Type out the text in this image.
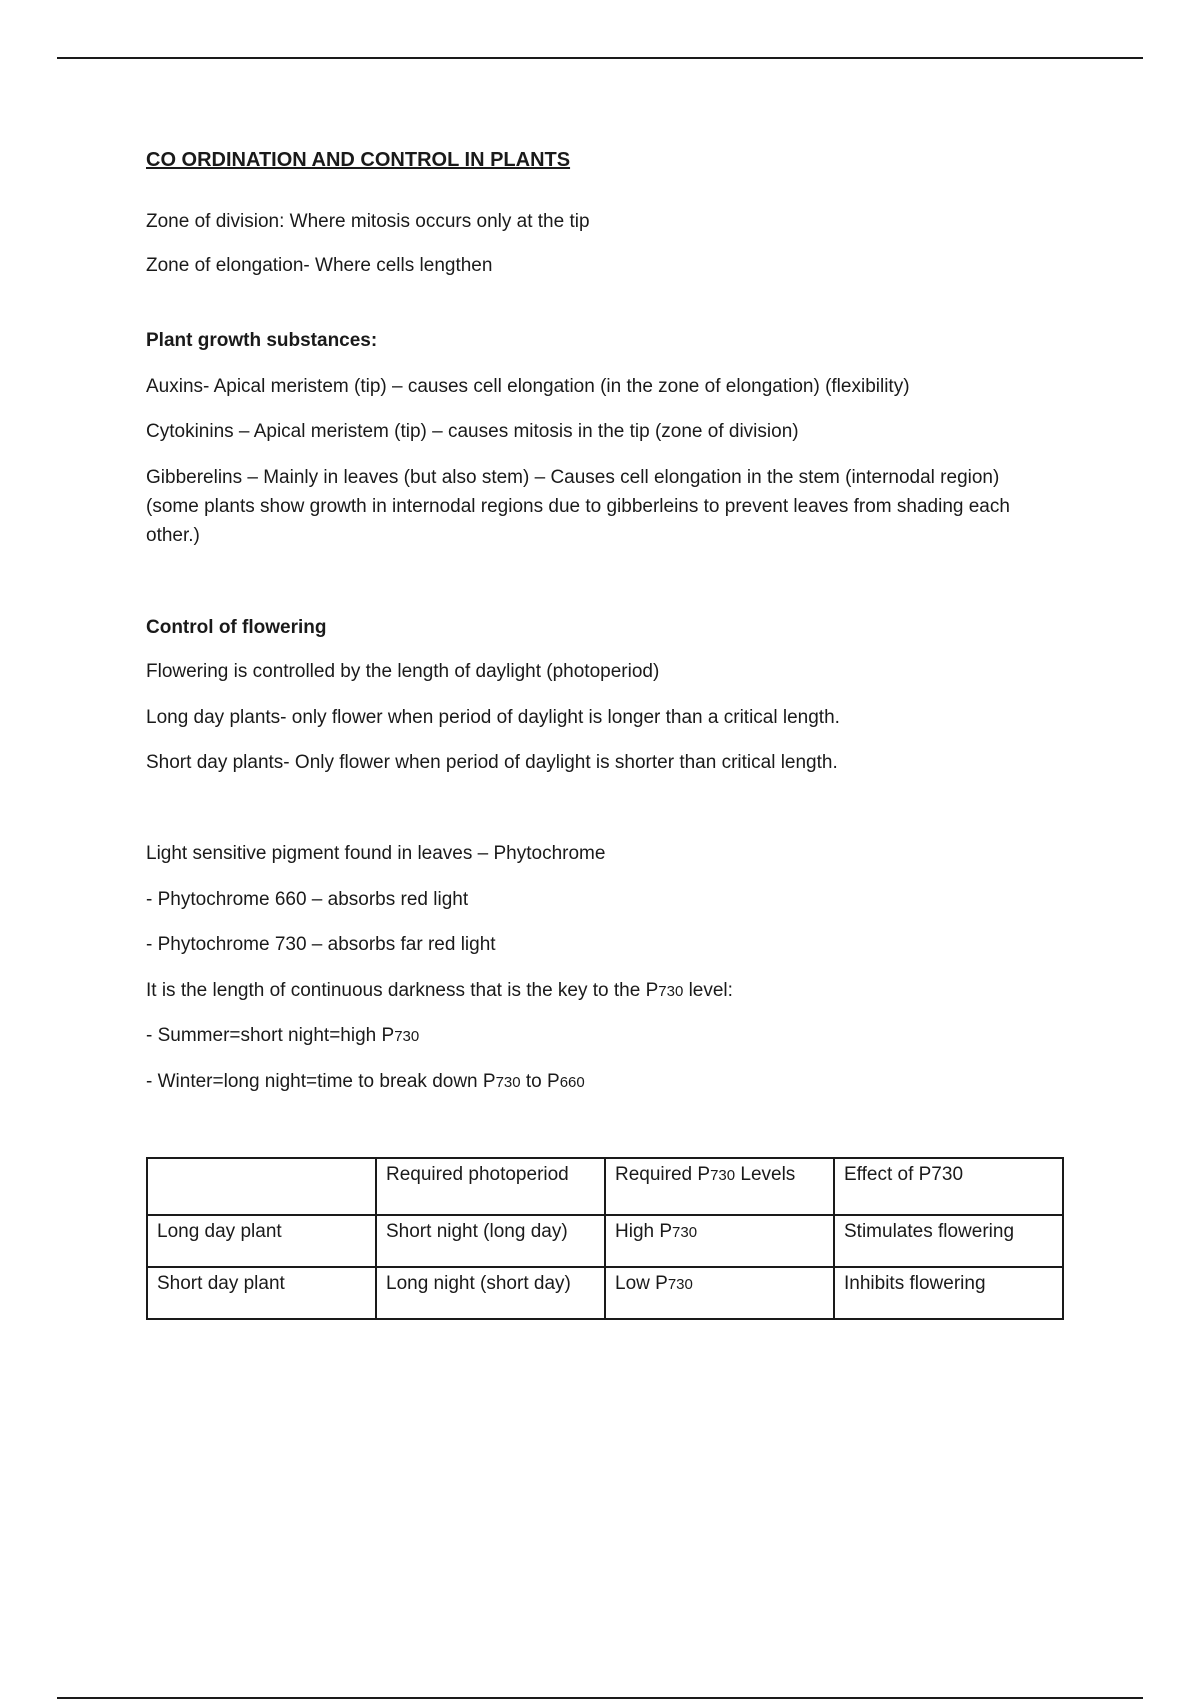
CO ORDINATION AND CONTROL IN PLANTS
Zone of division: Where mitosis occurs only at the tip
Zone of elongation- Where cells lengthen
Plant growth substances:
Auxins- Apical meristem (tip) – causes cell elongation (in the zone of elongation) (flexibility)
Cytokinins – Apical meristem (tip) – causes mitosis in the tip (zone of division)
Gibberelins – Mainly in leaves (but also stem) – Causes cell elongation in the stem (internodal region) (some plants show growth in internodal regions due to gibberleins to prevent leaves from shading each other.)
Control of flowering
Flowering is controlled by the length of daylight (photoperiod)
Long day plants- only flower when period of daylight is longer than a critical length.
Short day plants- Only flower when period of daylight is shorter than critical length.
Light sensitive pigment found in leaves – Phytochrome
- Phytochrome 660 – absorbs red light
- Phytochrome 730 – absorbs far red light
It is the length of continuous darkness that is the key to the P730 level:
- Summer=short night=high P730
- Winter=long night=time to break down P730 to P660
	Required photoperiod	Required P730 Levels	Effect of P730
Long day plant	Short night (long day)	High P730	Stimulates flowering
Short day plant	Long night (short day)	Low P730	Inhibits flowering
